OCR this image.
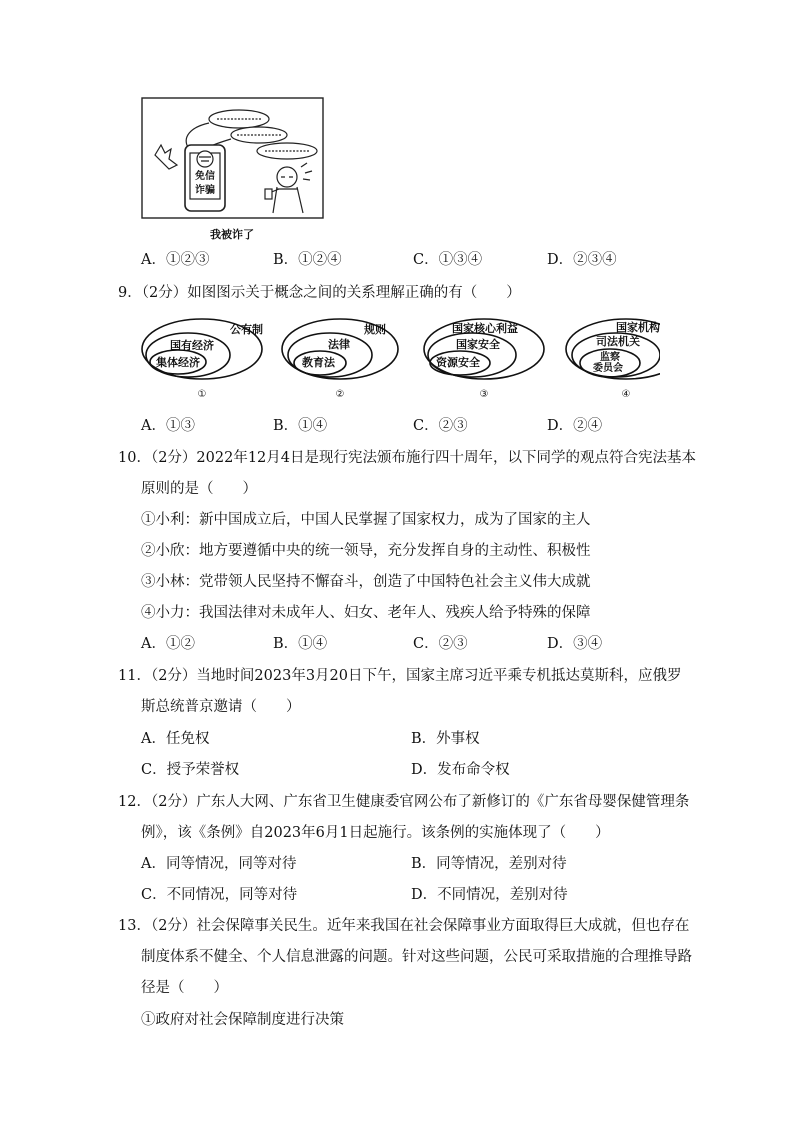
免信
诈骗
我被诈了
A．①②③	B．①②④	C．①③④	D．②③④
9．（2分）如图图示关于概念之间的关系理解正确的有（　　）
公有制
国有经济
集体经济
规则
法律
教育法
国家核心利益
国家安全
资源安全
国家机构
司法机关
监察
委员会
①	②	③	④
A．①③	B．①④	C．②③	D．②④
10．（2分）2022年12月4日是现行宪法颁布施行四十周年，以下同学的观点符合宪法基本
原则的是（　　）
①小利：新中国成立后，中国人民掌握了国家权力，成为了国家的主人
②小欣：地方要遵循中央的统一领导，充分发挥自身的主动性、积极性
③小林：党带领人民坚持不懈奋斗，创造了中国特色社会主义伟大成就
④小力：我国法律对未成年人、妇女、老年人、残疾人给予特殊的保障
A．①②	B．①④	C．②③	D．③④
11．（2分）当地时间2023年3月20日下午，国家主席习近平乘专机抵达莫斯科，应俄罗
斯总统普京邀请（　　）
A．任免权	B．外事权
C．授予荣誉权	D．发布命令权
12．（2分）广东人大网、广东省卫生健康委官网公布了新修订的《广东省母婴保健管理条
例》，该《条例》自2023年6月1日起施行。该条例的实施体现了（　　）
A．同等情况，同等对待	B．同等情况，差别对待
C．不同情况，同等对待	D．不同情况，差别对待
13．（2分）社会保障事关民生。近年来我国在社会保障事业方面取得巨大成就，但也存在
制度体系不健全、个人信息泄露的问题。针对这些问题，公民可采取措施的合理推导路
径是（　　）
①政府对社会保障制度进行决策
